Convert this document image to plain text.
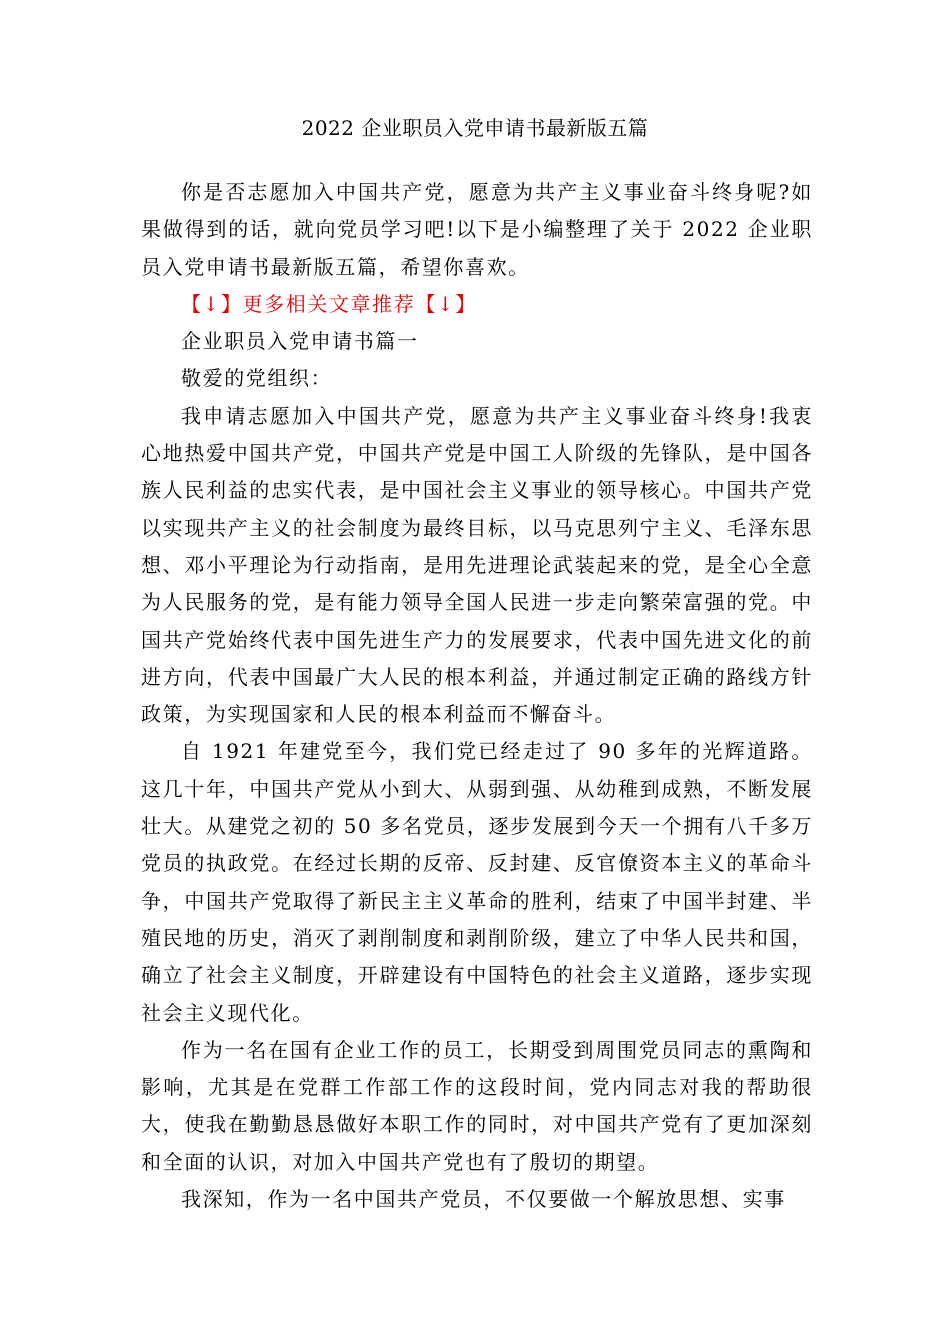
2022 企业职员入党申请书最新版五篇

你是否志愿加入中国共产党，愿意为共产主义事业奋斗终身呢?如果做得到的话，就向党员学习吧!以下是小编整理了关于 2022 企业职员入党申请书最新版五篇，希望你喜欢。

【↓】更多相关文章推荐【↓】

企业职员入党申请书篇一

敬爱的党组织：

我申请志愿加入中国共产党，愿意为共产主义事业奋斗终身!我衷心地热爱中国共产党，中国共产党是中国工人阶级的先锋队，是中国各族人民利益的忠实代表，是中国社会主义事业的领导核心。中国共产党以实现共产主义的社会制度为最终目标，以马克思列宁主义、毛泽东思想、邓小平理论为行动指南，是用先进理论武装起来的党，是全心全意为人民服务的党，是有能力领导全国人民进一步走向繁荣富强的党。中国共产党始终代表中国先进生产力的发展要求，代表中国先进文化的前进方向，代表中国最广大人民的根本利益，并通过制定正确的路线方针政策，为实现国家和人民的根本利益而不懈奋斗。

自 1921 年建党至今，我们党已经走过了 90 多年的光辉道路。这几十年，中国共产党从小到大、从弱到强、从幼稚到成熟，不断发展壮大。从建党之初的 50 多名党员，逐步发展到今天一个拥有八千多万党员的执政党。在经过长期的反帝、反封建、反官僚资本主义的革命斗争，中国共产党取得了新民主主义革命的胜利，结束了中国半封建、半殖民地的历史，消灭了剥削制度和剥削阶级，建立了中华人民共和国，确立了社会主义制度，开辟建设有中国特色的社会主义道路，逐步实现社会主义现代化。

作为一名在国有企业工作的员工，长期受到周围党员同志的熏陶和影响，尤其是在党群工作部工作的这段时间，党内同志对我的帮助很大，使我在勤勤恳恳做好本职工作的同时，对中国共产党有了更加深刻和全面的认识，对加入中国共产党也有了殷切的期望。

我深知，作为一名中国共产党员，不仅要做一个解放思想、实事
